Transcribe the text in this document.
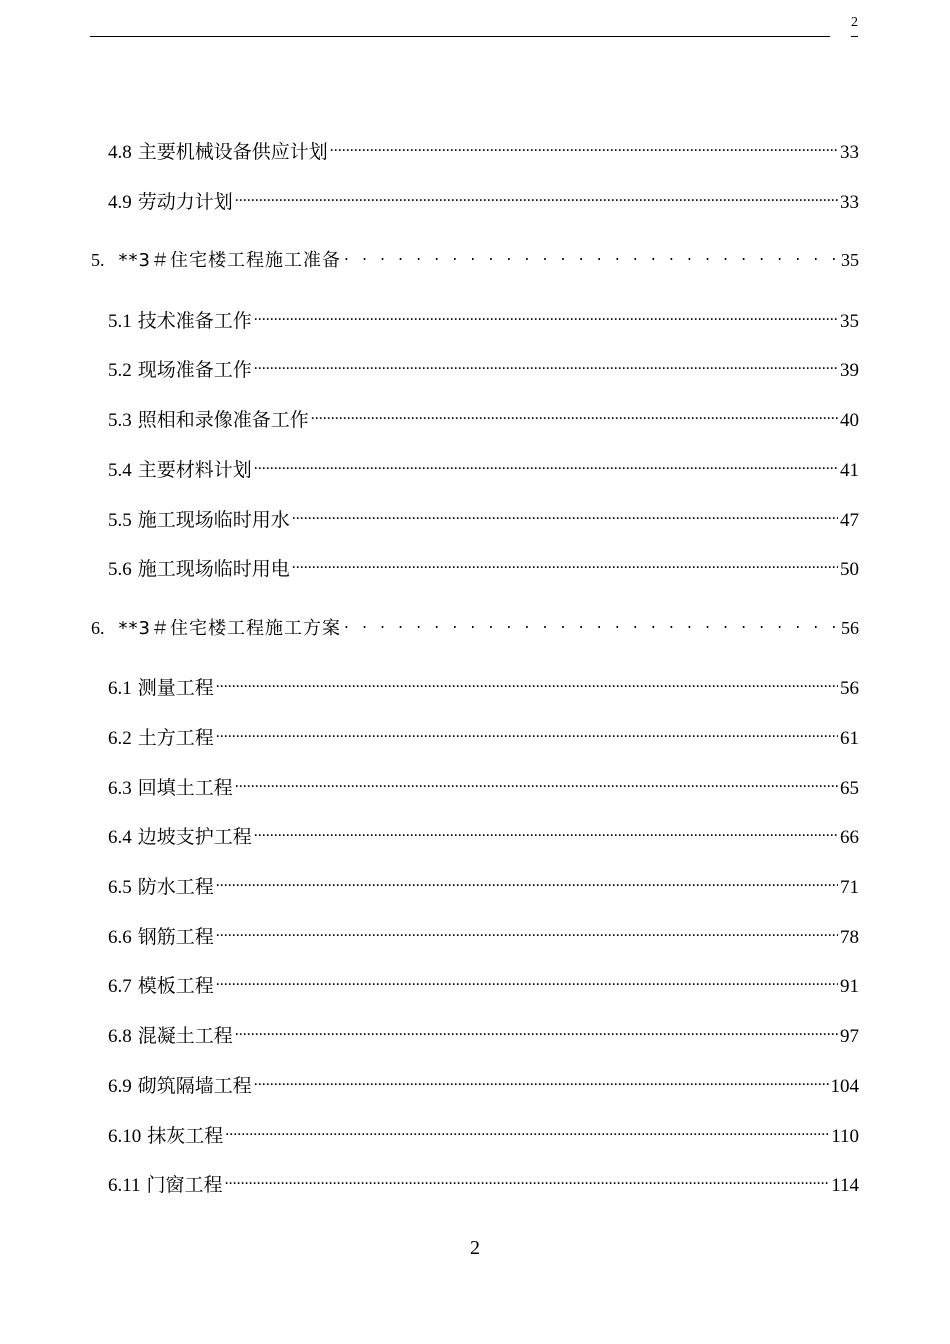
2
4.8 主要机械设备供应计划 .....	33
4.9 劳动力计划 .....	33
5. **3＃住宅楼工程施工准备 . . .	35
5.1 技术准备工作 .....	35
5.2 现场准备工作 .....	39
5.3 照相和录像准备工作 .....	40
5.4 主要材料计划 .....	41
5.5 施工现场临时用水 .....	47
5.6 施工现场临时用电 .....	50
6. **3＃住宅楼工程施工方案 . . .	56
6.1 测量工程 .....	56
6.2 土方工程 .....	61
6.3 回填土工程 .....	65
6.4 边坡支护工程 .....	66
6.5 防水工程 .....	71
6.6 钢筋工程 .....	78
6.7 模板工程 .....	91
6.8 混凝土工程 .....	97
6.9 砌筑隔墙工程 .....	104
6.10 抹灰工程 .....	110
6.11 门窗工程 .....	114
2
